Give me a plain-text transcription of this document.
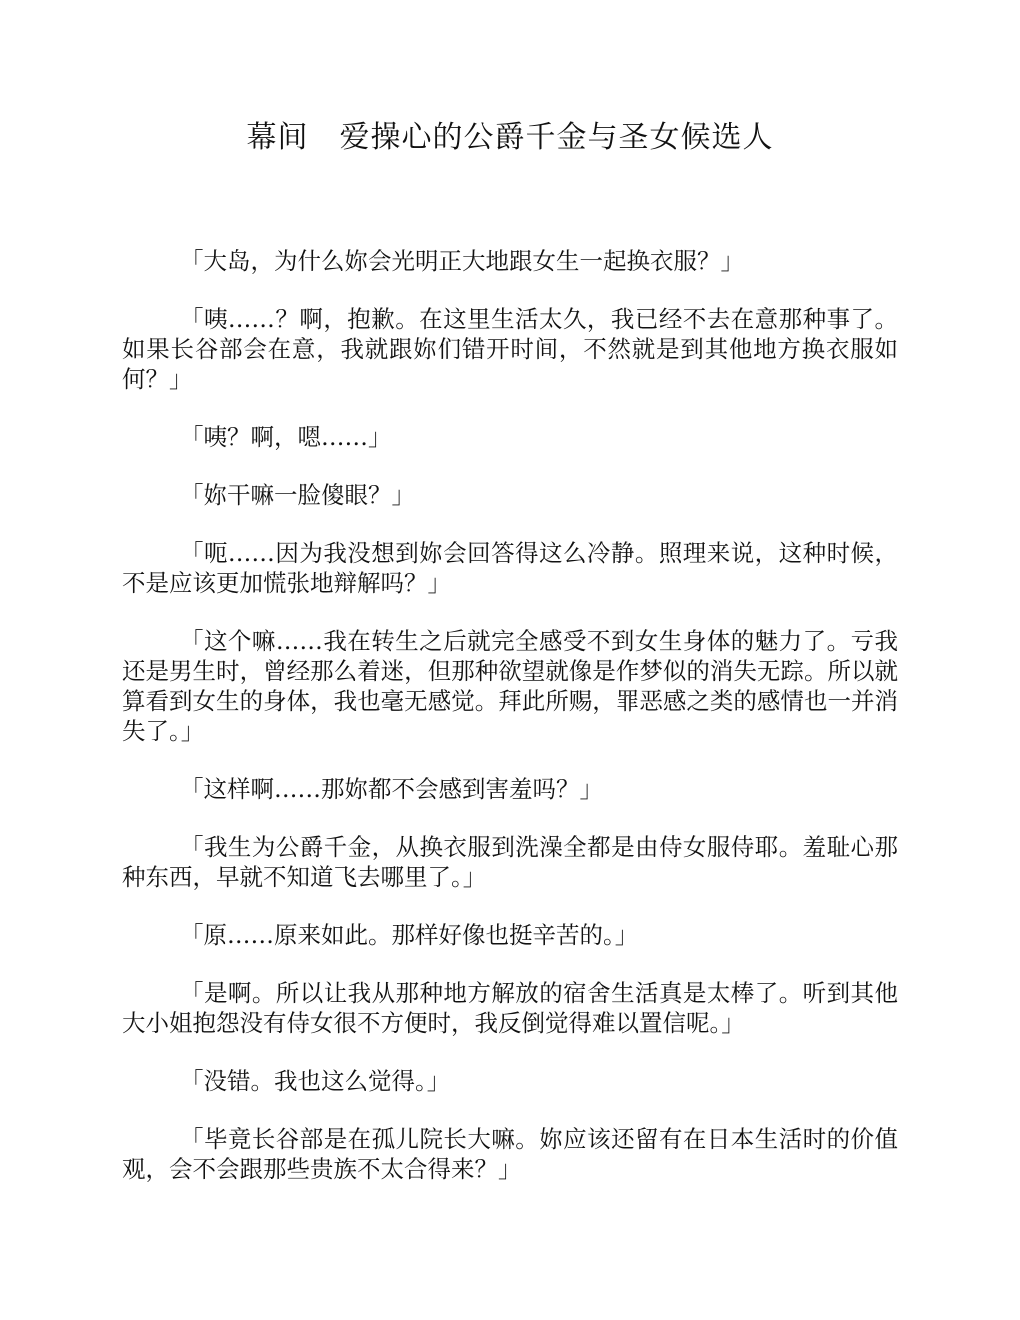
幕间　爱操心的公爵千金与圣女候选人

「大岛，为什么妳会光明正大地跟女生一起换衣服？」

「咦……？啊，抱歉。在这里生活太久，我已经不去在意那种事了。如果长谷部会在意，我就跟妳们错开时间，不然就是到其他地方换衣服如何？」

「咦？啊，嗯……」

「妳干嘛一脸傻眼？」

「呃……因为我没想到妳会回答得这么冷静。照理来说，这种时候，不是应该更加慌张地辩解吗？」

「这个嘛……我在转生之后就完全感受不到女生身体的魅力了。亏我还是男生时，曾经那么着迷，但那种欲望就像是作梦似的消失无踪。所以就算看到女生的身体，我也毫无感觉。拜此所赐，罪恶感之类的感情也一并消失了。」

「这样啊……那妳都不会感到害羞吗？」

「我生为公爵千金，从换衣服到洗澡全都是由侍女服侍耶。羞耻心那种东西，早就不知道飞去哪里了。」

「原……原来如此。那样好像也挺辛苦的。」

「是啊。所以让我从那种地方解放的宿舍生活真是太棒了。听到其他大小姐抱怨没有侍女很不方便时，我反倒觉得难以置信呢。」

「没错。我也这么觉得。」

「毕竟长谷部是在孤儿院长大嘛。妳应该还留有在日本生活时的价值观，会不会跟那些贵族不太合得来？」
